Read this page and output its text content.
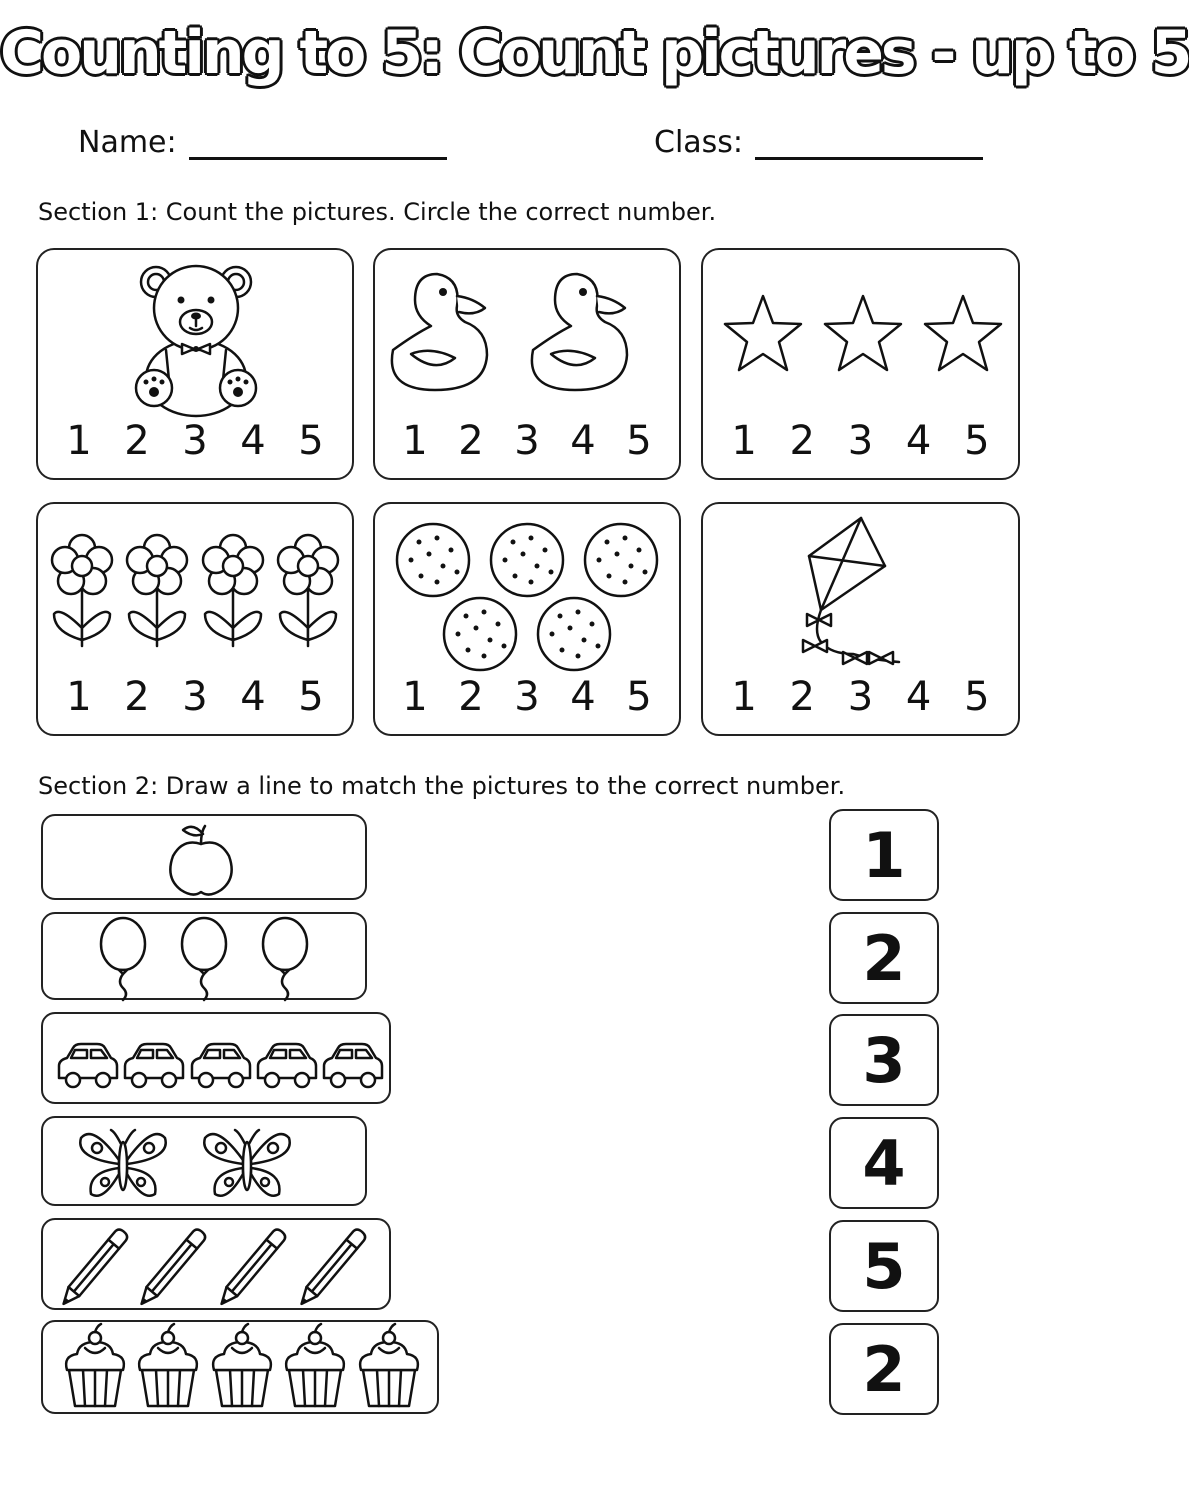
Counting to 5: Count pictures - up to 5
Name:	Class:
Section 1: Count the pictures. Circle the correct number.
1 2 3 4 5 1 2 3 4 5 1 2 3 4 5
1 2 3 4 5 1 2 3 4 5 1 2 3 4 5
Section 2: Draw a line to match the pictures to the correct number.
1
2
3
4
5
2
